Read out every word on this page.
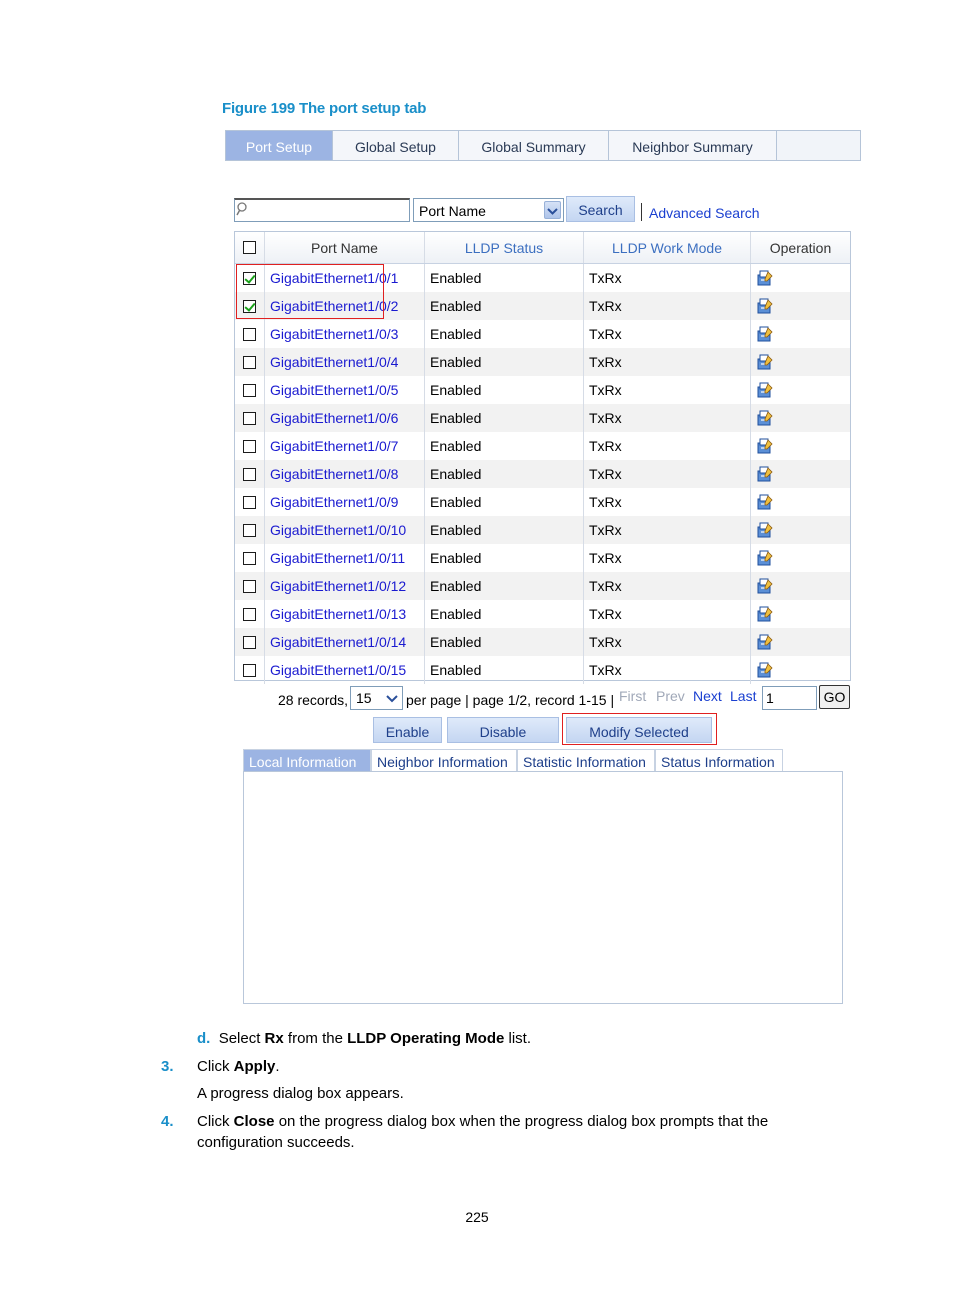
Figure 199 The port setup tab
Port Setup	Global Setup	Global Summary	Neighbor Summary
Port Name	Search	Advanced Search
Port Name	LLDP Status	LLDP Work Mode	Operation
GigabitEthernet1/0/1	Enabled	TxRx
GigabitEthernet1/0/2	Enabled	TxRx
GigabitEthernet1/0/3	Enabled	TxRx
GigabitEthernet1/0/4	Enabled	TxRx
GigabitEthernet1/0/5	Enabled	TxRx
GigabitEthernet1/0/6	Enabled	TxRx
GigabitEthernet1/0/7	Enabled	TxRx
GigabitEthernet1/0/8	Enabled	TxRx
GigabitEthernet1/0/9	Enabled	TxRx
GigabitEthernet1/0/10	Enabled	TxRx
GigabitEthernet1/0/11	Enabled	TxRx
GigabitEthernet1/0/12	Enabled	TxRx
GigabitEthernet1/0/13	Enabled	TxRx
GigabitEthernet1/0/14	Enabled	TxRx
GigabitEthernet1/0/15	Enabled	TxRx
28 records, 15	per page | page 1/2, record 1-15 | First Prev Next Last 1	GO
Enable	Disable	Modify Selected
Local Information	Neighbor Information	Statistic Information	Status Information
d. Select Rx from the LLDP Operating Mode list.
3. Click Apply.
A progress dialog box appears.
4. Click Close on the progress dialog box when the progress dialog box prompts that the
configuration succeeds.
225
